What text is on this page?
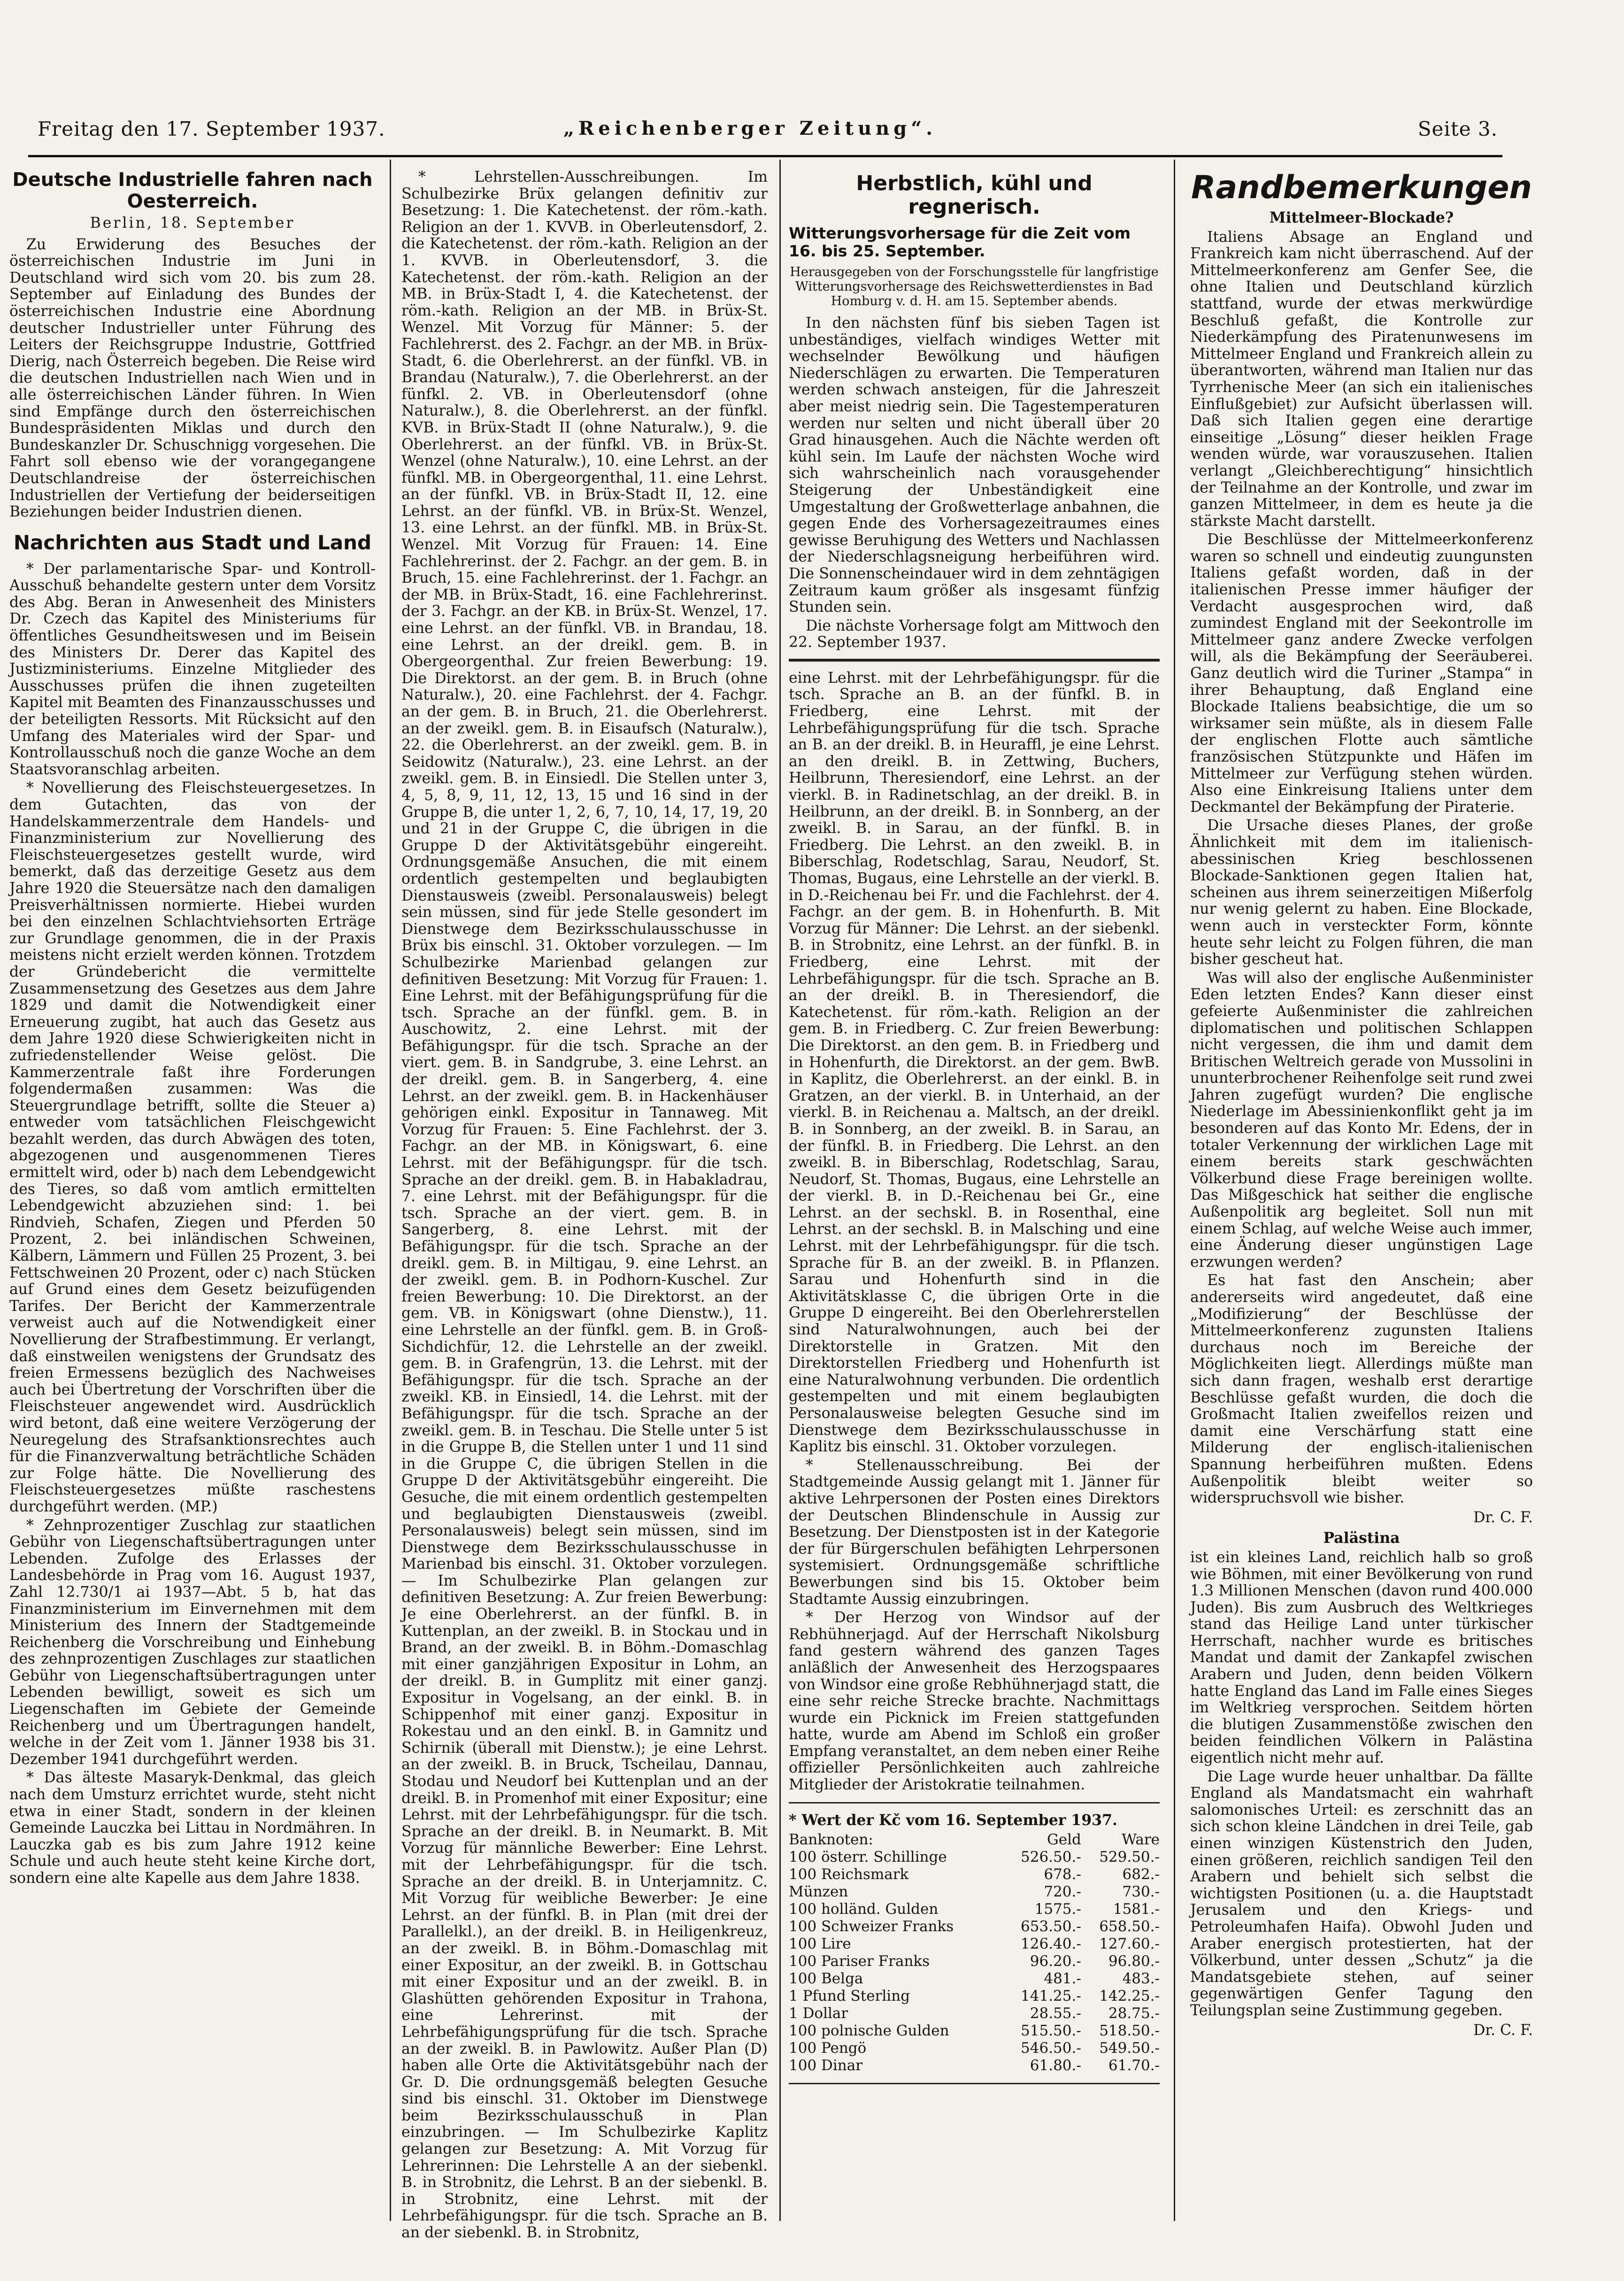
Freitag den 17. September 1937.	„Reichenberger Zeitung“.	Seite 3.
Deutsche Industrielle fahren nach Oesterreich.
Berlin, 18. September

Zu Erwiderung des Besuches der österreichischen Industrie im Juni in Deutschland wird sich vom 20. bis zum 28. September auf Einladung des Bundes der österreichischen Industrie eine Abordnung deutscher Industrieller unter Führung des Leiters der Reichsgruppe Industrie, Gottfried Dierig, nach Österreich begeben. Die Reise wird die deutschen Industriellen nach Wien und in alle österreichischen Länder führen. In Wien sind Empfänge durch den österreichischen Bundespräsidenten Miklas und durch den Bundeskanzler Dr. Schuschnigg vorgesehen. Die Fahrt soll ebenso wie der vorangegangene Deutschlandreise der österreichischen Industriellen der Vertiefung der beiderseitigen Beziehungen beider Industrien dienen.

Nachrichten aus Stadt und Land

* Der parlamentarische Spar- und Kontroll-Ausschuß behandelte gestern unter dem Vorsitz des Abg. Beran in Anwesenheit des Ministers Dr. Czech das Kapitel des Ministeriums für öffentliches Gesundheitswesen und im Beisein des Ministers Dr. Derer das Kapitel des Justizministeriums. Einzelne Mitglieder des Ausschusses prüfen die ihnen zugeteilten Kapitel mit Beamten des Finanzausschusses und der beteiligten Ressorts. Mit Rücksicht auf den Umfang des Materiales wird der Spar- und Kontrollausschuß noch die ganze Woche an dem Staatsvoranschlag arbeiten.

* Novellierung des Fleischsteuergesetzes. In dem Gutachten, das von der Handelskammerzentrale dem Handels- und Finanzministerium zur Novellierung des Fleischsteuergesetzes gestellt wurde, wird bemerkt, daß das derzeitige Gesetz aus dem Jahre 1920 die Steuersätze nach den damaligen Preisverhältnissen normierte. Hiebei wurden bei den einzelnen Schlachtviehsorten Erträge zur Grundlage genommen, die in der Praxis meistens nicht erzielt werden können. Trotzdem der Gründebericht die vermittelte Zusammensetzung des Gesetzes aus dem Jahre 1829 und damit die Notwendigkeit einer Erneuerung zugibt, hat auch das Gesetz aus dem Jahre 1920 diese Schwierigkeiten nicht in zufriedenstellender Weise gelöst. Die Kammerzentrale faßt ihre Forderungen folgendermaßen zusammen: Was die Steuergrundlage betrifft, sollte die Steuer a) entweder vom tatsächlichen Fleischgewicht bezahlt werden, das durch Abwägen des toten, abgezogenen und ausgenommenen Tieres ermittelt wird, oder b) nach dem Lebendgewicht des Tieres, so daß vom amtlich ermittelten Lebendgewicht abzuziehen sind: 1. bei Rindvieh, Schafen, Ziegen und Pferden 50 Prozent, 2. bei inländischen Schweinen, Kälbern, Lämmern und Füllen 25 Prozent, 3. bei Fettschweinen 20 Prozent, oder c) nach Stücken auf Grund eines dem Gesetz beizufügenden Tarifes. Der Bericht der Kammerzentrale verweist auch auf die Notwendigkeit einer Novellierung der Strafbestimmung. Er verlangt, daß einstweilen wenigstens der Grundsatz des freien Ermessens bezüglich des Nachweises auch bei Übertretung der Vorschriften über die Fleischsteuer angewendet wird. Ausdrücklich wird betont, daß eine weitere Verzögerung der Neuregelung des Strafsanktionsrechtes auch für die Finanzverwaltung beträchtliche Schäden zur Folge hätte. Die Novellierung des Fleischsteuergesetzes müßte raschestens durchgeführt werden. (MP.)

* Zehnprozentiger Zuschlag zur staatlichen Gebühr von Liegenschaftsübertragungen unter Lebenden. Zufolge des Erlasses der Landesbehörde in Prag vom 16. August 1937, Zahl 12.730/1 ai 1937—Abt. 5 b, hat das Finanzministerium im Einvernehmen mit dem Ministerium des Innern der Stadtgemeinde Reichenberg die Vorschreibung und Einhebung des zehnprozentigen Zuschlages zur staatlichen Gebühr von Liegenschaftsübertragungen unter Lebenden bewilligt, soweit es sich um Liegenschaften im Gebiete der Gemeinde Reichenberg und um Übertragungen handelt, welche in der Zeit vom 1. Jänner 1938 bis 31. Dezember 1941 durchgeführt werden.

* Das älteste Masaryk-Denkmal, das gleich nach dem Umsturz errichtet wurde, steht nicht etwa in einer Stadt, sondern in der kleinen Gemeinde Lauczka bei Littau in Nordmähren. In Lauczka gab es bis zum Jahre 1912 keine Schule und auch heute steht keine Kirche dort, sondern eine alte Kapelle aus dem Jahre 1838.

* Lehrstellen-Ausschreibungen. Im Schulbezirke Brüx gelangen definitiv zur Besetzung: 1. Die Katechetenst. der röm.-kath. Religion an der 1. KVVB. in Oberleutensdorf, 2. die Katechetenst. der röm.-kath. Religion an der 1. KVVB. in Oberleutensdorf, 3. die Katechetenst. der röm.-kath. Religion an der MB. in Brüx-Stadt I, 4. die Katechetenst. der röm.-kath. Religion an der MB. in Brüx-St. Wenzel. Mit Vorzug für Männer: 5. der Fachlehrerst. des 2. Fachgr. an der MB. in Brüx-Stadt, 6. die Oberlehrerst. an der fünfkl. VB. in Brandau (Naturalw.), 7. die Oberlehrerst. an der fünfkl. 2. VB. in Oberleutensdorf (ohne Naturalw.), 8. die Oberlehrerst. an der fünfkl. KVB. in Brüx-Stadt II (ohne Naturalw.), 9. die Oberlehrerst. an der fünfkl. VB. in Brüx-St. Wenzel (ohne Naturalw.), 10. eine Lehrst. an der fünfkl. MB. in Obergeorgenthal, 11. eine Lehrst. an der fünfkl. VB. in Brüx-Stadt II, 12. eine Lehrst. an der fünfkl. VB. in Brüx-St. Wenzel, 13. eine Lehrst. an der fünfkl. MB. in Brüx-St. Wenzel. Mit Vorzug für Frauen: 14. Eine Fachlehrerinst. der 2. Fachgr. an der gem. B. in Bruch, 15. eine Fachlehrerinst. der 1. Fachgr. an der MB. in Brüx-Stadt, 16. eine Fachlehrerinst. der 3. Fachgr. an der KB. in Brüx-St. Wenzel, 17. eine Lehrst. an der fünfkl. VB. in Brandau, 18. eine Lehrst. an der dreikl. gem. B. in Obergeorgenthal. Zur freien Bewerbung: 19. Die Direktorst. an der gem. B. in Bruch (ohne Naturalw.), 20. eine Fachlehrst. der 4. Fachgr. an der gem. B. in Bruch, 21. die Oberlehrerst. an der zweikl. gem. B. in Eisaufsch (Naturalw.), 22. die Oberlehrerst. an der zweikl. gem. B. in Seidowitz (Naturalw.), 23. eine Lehrst. an der zweikl. gem. B. in Einsiedl. Die Stellen unter 3, 4, 5, 8, 9, 11, 12, 13, 15 und 16 sind in der Gruppe B, die unter 1, 2, 6, 7, 10, 14, 17, 19, 20 und 21 in der Gruppe C, die übrigen in die Gruppe D der Aktivitätsgebühr eingereiht. Ordnungsgemäße Ansuchen, die mit einem ordentlich gestempelten und beglaubigten Dienstausweis (zweibl. Personalausweis) belegt sein müssen, sind für jede Stelle gesondert im Dienstwege dem Bezirksschulausschusse in Brüx bis einschl. 31. Oktober vorzulegen. — Im Schulbezirke Marienbad gelangen zur definitiven Besetzung: Mit Vorzug für Frauen: 1. Eine Lehrst. mit der Befähigungsprüfung für die tsch. Sprache an der fünfkl. gem. B. in Auschowitz, 2. eine Lehrst. mit der Befähigungspr. für die tsch. Sprache an der viert. gem. B. in Sandgrube, 3. eine Lehrst. an der dreikl. gem. B. in Sangerberg, 4. eine Lehrst. an der zweikl. gem. B. in Hackenhäuser gehörigen einkl. Expositur in Tannaweg. Mit Vorzug für Frauen: 5. Eine Fachlehrst. der 3. Fachgr. an der MB. in Königswart, 6. eine Lehrst. mit der Befähigungspr. für die tsch. Sprache an der dreikl. gem. B. in Habakladrau, 7. eine Lehrst. mit der Befähigungspr. für die tsch. Sprache an der viert. gem. B. in Sangerberg, 8. eine Lehrst. mit der Befähigungspr. für die tsch. Sprache an der dreikl. gem. B. in Miltigau, 9. eine Lehrst. an der zweikl. gem. B. in Podhorn-Kuschel. Zur freien Bewerbung: 10. Die Direktorst. an der gem. VB. in Königswart (ohne Dienstw.), 11. eine Lehrstelle an der fünfkl. gem. B. in Groß-Sichdichfür, 12. die Lehrstelle an der zweikl. gem. B. in Grafengrün, 13. die Lehrst. mit der Befähigungspr. für die tsch. Sprache an der zweikl. KB. in Einsiedl, 14. die Lehrst. mit der Befähigungspr. für die tsch. Sprache an der zweikl. gem. B. in Teschau. Die Stelle unter 5 ist in die Gruppe B, die Stellen unter 1 und 11 sind in die Gruppe C, die übrigen Stellen in die Gruppe D der Aktivitätsgebühr eingereiht. Die Gesuche, die mit einem ordentlich gestempelten und beglaubigten Dienstausweis (zweibl. Personalausweis) belegt sein müssen, sind im Dienstwege dem Bezirksschulausschusse in Marienbad bis einschl. 31. Oktober vorzulegen. — Im Schulbezirke Plan gelangen zur definitiven Besetzung: A. Zur freien Bewerbung: Je eine Oberlehrerst. an der fünfkl. B. in Kuttenplan, an der zweikl. B. in Stockau und in Brand, an der zweikl. B. in Böhm.-Domaschlag mit einer ganzjährigen Expositur in Lohm, an der dreikl. B. in Gumplitz mit einer ganzj. Expositur in Vogelsang, an der einkl. B. in Schippenhof mit einer ganzj. Expositur in Rokestau und an den einkl. B. in Gamnitz und Schirnik (überall mit Dienstw.); je eine Lehrst. an der zweikl. B. in Bruck, Tscheilau, Dannau, Stodau und Neudorf bei Kuttenplan und an der dreikl. B. in Promenhof mit einer Expositur; eine Lehrst. mit der Lehrbefähigungspr. für die tsch. Sprache an der dreikl. B. in Neumarkt. B. Mit Vorzug für männliche Bewerber: Eine Lehrst. mit der Lehrbefähigungspr. für die tsch. Sprache an der dreikl. B. in Unterjamnitz. C. Mit Vorzug für weibliche Bewerber: Je eine Lehrst. an der fünfkl. B. in Plan (mit drei der Parallelkl.), an der dreikl. B. in Heiligenkreuz, an der zweikl. B. in Böhm.-Domaschlag mit einer Expositur, an der zweikl. B. in Gottschau mit einer Expositur und an der zweikl. B. in Glashütten gehörenden Expositur in Trahona, eine Lehrerinst. mit der Lehrbefähigungsprüfung für die tsch. Sprache an der zweikl. B. in Pawlowitz. Außer Plan (D) haben alle Orte die Aktivitätsgebühr nach der Gr. D. Die ordnungsgemäß belegten Gesuche sind bis einschl. 31. Oktober im Dienstwege beim Bezirksschulausschuß in Plan einzubringen. — Im Schulbezirke Kaplitz gelangen zur Besetzung: A. Mit Vorzug für Lehrerinnen: Die Lehrstelle A an der siebenkl. B. in Strobnitz, die Lehrst. B an der siebenkl. B. in Strobnitz, eine Lehrst. mit der Lehrbefähigungspr. für die tsch. Sprache an B. an der siebenkl. B. in Strobnitz,

Herbstlich, kühl und regnerisch.
Witterungsvorhersage für die Zeit vom 16. bis 25. September.
Herausgegeben von der Forschungsstelle für langfristige Witterungsvorhersage des Reichswetterdienstes in Bad Homburg v. d. H. am 15. September abends.

In den nächsten fünf bis sieben Tagen ist unbeständiges, vielfach windiges Wetter mit wechselnder Bewölkung und häufigen Niederschlägen zu erwarten. Die Temperaturen werden schwach ansteigen, für die Jahreszeit aber meist niedrig sein. Die Tagestemperaturen werden nur selten und nicht überall über 20 Grad hinausgehen. Auch die Nächte werden oft kühl sein. Im Laufe der nächsten Woche wird sich wahrscheinlich nach vorausgehender Steigerung der Unbeständigkeit eine Umgestaltung der Großwetterlage anbahnen, die gegen Ende des Vorhersagezeitraumes eines gewisse Beruhigung des Wetters und Nachlassen der Niederschlagsneigung herbeiführen wird. Die Sonnenscheindauer wird in dem zehntägigen Zeitraum kaum größer als insgesamt fünfzig Stunden sein.

Die nächste Vorhersage folgt am Mittwoch den 22. September 1937.

eine Lehrst. mit der Lehrbefähigungspr. für die tsch. Sprache an B. an der fünfkl. B. in Friedberg, eine Lehrst. mit der Lehrbefähigungsprüfung für die tsch. Sprache an B. an der dreikl. B. in Heuraffl, je eine Lehrst. an den dreikl. B. in Zettwing, Buchers, Heilbrunn, Theresiendorf, eine Lehrst. an der vierkl. B. in Radinetschlag, an der dreikl. B. in Heilbrunn, an der dreikl. B. in Sonnberg, an der zweikl. B. in Sarau, an der fünfkl. B. in Friedberg. Die Lehrst. an den zweikl. B. in Biberschlag, Rodetschlag, Sarau, Neudorf, St. Thomas, Bugaus, eine Lehrstelle an der vierkl. B. in D.-Reichenau bei Fr. und die Fachlehrst. der 4. Fachgr. an der gem. B. in Hohenfurth. B. Mit Vorzug für Männer: Die Lehrst. an der siebenkl. B. in Strobnitz, eine Lehrst. an der fünfkl. B. in Friedberg, eine Lehrst. mit der Lehrbefähigungspr. für die tsch. Sprache an B. an der dreikl. B. in Theresiendorf, die Katechetenst. für röm.-kath. Religion an der gem. B. in Friedberg. C. Zur freien Bewerbung: Die Direktorst. an den gem. B. in Friedberg und in Hohenfurth, die Direktorst. an der gem. BwB. in Kaplitz, die Oberlehrerst. an der einkl. B. in Gratzen, an der vierkl. B. in Unterhaid, an der vierkl. B. in Reichenau a. Maltsch, an der dreikl. B. in Sonnberg, an der zweikl. B. in Sarau, an der fünfkl. B. in Friedberg. Die Lehrst. an den zweikl. B. in Biberschlag, Rodetschlag, Sarau, Neudorf, St. Thomas, Bugaus, eine Lehrstelle an der vierkl. B. in D.-Reichenau bei Gr., eine Lehrst. an der sechskl. B. in Rosenthal, eine Lehrst. an der sechskl. B. in Malsching und eine Lehrst. mit der Lehrbefähigungspr. für die tsch. Sprache für B. an der zweikl. B. in Pflanzen. Sarau und Hohenfurth sind in die Aktivitätsklasse C, die übrigen Orte in die Gruppe D eingereiht. Bei den Oberlehrerstellen sind Naturalwohnungen, auch bei der Direktorstelle in Gratzen. Mit den Direktorstellen Friedberg und Hohenfurth ist eine Naturalwohnung verbunden. Die ordentlich gestempelten und mit einem beglaubigten Personalausweise belegten Gesuche sind im Dienstwege dem Bezirksschulausschusse in Kaplitz bis einschl. 31. Oktober vorzulegen.

* Stellenausschreibung. Bei der Stadtgemeinde Aussig gelangt mit 1. Jänner für aktive Lehrpersonen der Posten eines Direktors der Deutschen Blindenschule in Aussig zur Besetzung. Der Dienstposten ist in der Kategorie der für Bürgerschulen befähigten Lehrpersonen systemisiert. Ordnungsgemäße schriftliche Bewerbungen sind bis 15. Oktober beim Stadtamte Aussig einzubringen.

* Der Herzog von Windsor auf der Rebhühnerjagd. Auf der Herrschaft Nikolsburg fand gestern während des ganzen Tages anläßlich der Anwesenheit des Herzogspaares von Windsor eine große Rebhühnerjagd statt, die eine sehr reiche Strecke brachte. Nachmittags wurde ein Picknick im Freien stattgefunden hatte, wurde am Abend im Schloß ein großer Empfang veranstaltet, an dem neben einer Reihe offizieller Persönlichkeiten auch zahlreiche Mitglieder der Aristokratie teilnahmen.

* Wert der Kč vom 16. September 1937.
Banknoten:	Geld	Ware
100 österr. Schillinge	526.50.-	529.50.-
100 Reichsmark	678.-	682.-
Münzen	720.-	730.-
100 holländ. Gulden	1575.-	1581.-
100 Schweizer Franks	653.50.-	658.50.-
100 Lire	126.40.-	127.60.-
100 Pariser Franks	96.20.-	96.80.-
100 Belga	481.-	483.-
1 Pfund Sterling	141.25.-	142.25.-
1 Dollar	28.55.-	28.75.-
100 polnische Gulden	515.50.-	518.50.-
100 Pengö	546.50.-	549.50.-
100 Dinar	61.80.-	61.70.-
Randbemerkungen
Mittelmeer-Blockade?

Italiens Absage an England und Frankreich kam nicht überraschend. Auf der Mittelmeerkonferenz am Genfer See, die ohne Italien und Deutschland kürzlich stattfand, wurde der etwas merkwürdige Beschluß gefaßt, die Kontrolle zur Niederkämpfung des Piratenunwesens im Mittelmeer England und Frankreich allein zu überantworten, während man Italien nur das Tyrrhenische Meer (an sich ein italienisches Einflußgebiet) zur Aufsicht überlassen will. Daß sich Italien gegen eine derartige einseitige „Lösung“ dieser heiklen Frage wenden würde, war vorauszusehen. Italien verlangt „Gleichberechtigung“ hinsichtlich der Teilnahme an der Kontrolle, und zwar im ganzen Mittelmeer, in dem es heute ja die stärkste Macht darstellt.

Die Beschlüsse der Mittelmeerkonferenz waren so schnell und eindeutig zuungunsten Italiens gefaßt worden, daß in der italienischen Presse immer häufiger der Verdacht ausgesprochen wird, daß zumindest England mit der Seekontrolle im Mittelmeer ganz andere Zwecke verfolgen will, als die Bekämpfung der Seeräuberei. Ganz deutlich wird die Turiner „Stampa“ in ihrer Behauptung, daß England eine Blockade Italiens beabsichtige, die um so wirksamer sein müßte, als in diesem Falle der englischen Flotte auch sämtliche französischen Stützpunkte und Häfen im Mittelmeer zur Verfügung stehen würden. Also eine Einkreisung Italiens unter dem Deckmantel der Bekämpfung der Piraterie.

Die Ursache dieses Planes, der große Ähnlichkeit mit dem im italienisch-abessinischen Krieg beschlossenen Blockade-Sanktionen gegen Italien hat, scheinen aus ihrem seinerzeitigen Mißerfolg nur wenig gelernt zu haben. Eine Blockade, wenn auch in versteckter Form, könnte heute sehr leicht zu Folgen führen, die man bisher gescheut hat.

Was will also der englische Außenminister Eden letzten Endes? Kann dieser einst gefeierte Außenminister die zahlreichen diplomatischen und politischen Schlappen nicht vergessen, die ihm und damit dem Britischen Weltreich gerade von Mussolini in ununterbrochener Reihenfolge seit rund zwei Jahren zugefügt wurden? Die englische Niederlage im Abessinienkonflikt geht ja im besonderen auf das Konto Mr. Edens, der in totaler Verkennung der wirklichen Lage mit einem bereits stark geschwächten Völkerbund diese Frage bereinigen wollte. Das Mißgeschick hat seither die englische Außenpolitik arg begleitet. Soll nun mit einem Schlag, auf welche Weise auch immer, eine Änderung dieser ungünstigen Lage erzwungen werden?

Es hat fast den Anschein; aber andererseits wird angedeutet, daß eine „Modifizierung“ der Beschlüsse der Mittelmeerkonferenz zugunsten Italiens durchaus noch im Bereiche der Möglichkeiten liegt. Allerdings müßte man sich dann fragen, weshalb erst derartige Beschlüsse gefaßt wurden, die doch die Großmacht Italien zweifellos reizen und damit eine Verschärfung statt eine Milderung der englisch-italienischen Spannung herbeiführen mußten. Edens Außenpolitik bleibt weiter so widerspruchsvoll wie bisher.

Dr. C. F.
Palästina

ist ein kleines Land, reichlich halb so groß wie Böhmen, mit einer Bevölkerung von rund 1.3 Millionen Menschen (davon rund 400.000 Juden). Bis zum Ausbruch des Weltkrieges stand das Heilige Land unter türkischer Herrschaft, nachher wurde es britisches Mandat und damit der Zankapfel zwischen Arabern und Juden, denn beiden Völkern hatte England das Land im Falle eines Sieges im Weltkrieg versprochen. Seitdem hörten die blutigen Zusammenstöße zwischen den beiden feindlichen Völkern in Palästina eigentlich nicht mehr auf.

Die Lage wurde heuer unhaltbar. Da fällte England als Mandatsmacht ein wahrhaft salomonisches Urteil: es zerschnitt das an sich schon kleine Ländchen in drei Teile, gab einen winzigen Küstenstrich den Juden, einen größeren, reichlich sandigen Teil den Arabern und behielt sich selbst die wichtigsten Positionen (u. a. die Hauptstadt Jerusalem und den Kriegs- und Petroleumhafen Haifa). Obwohl Juden und Araber energisch protestierten, hat der Völkerbund, unter dessen „Schutz“ ja die Mandatsgebiete stehen, auf seiner gegenwärtigen Genfer Tagung den Teilungsplan seine Zustimmung gegeben.

Dr. C. F.
